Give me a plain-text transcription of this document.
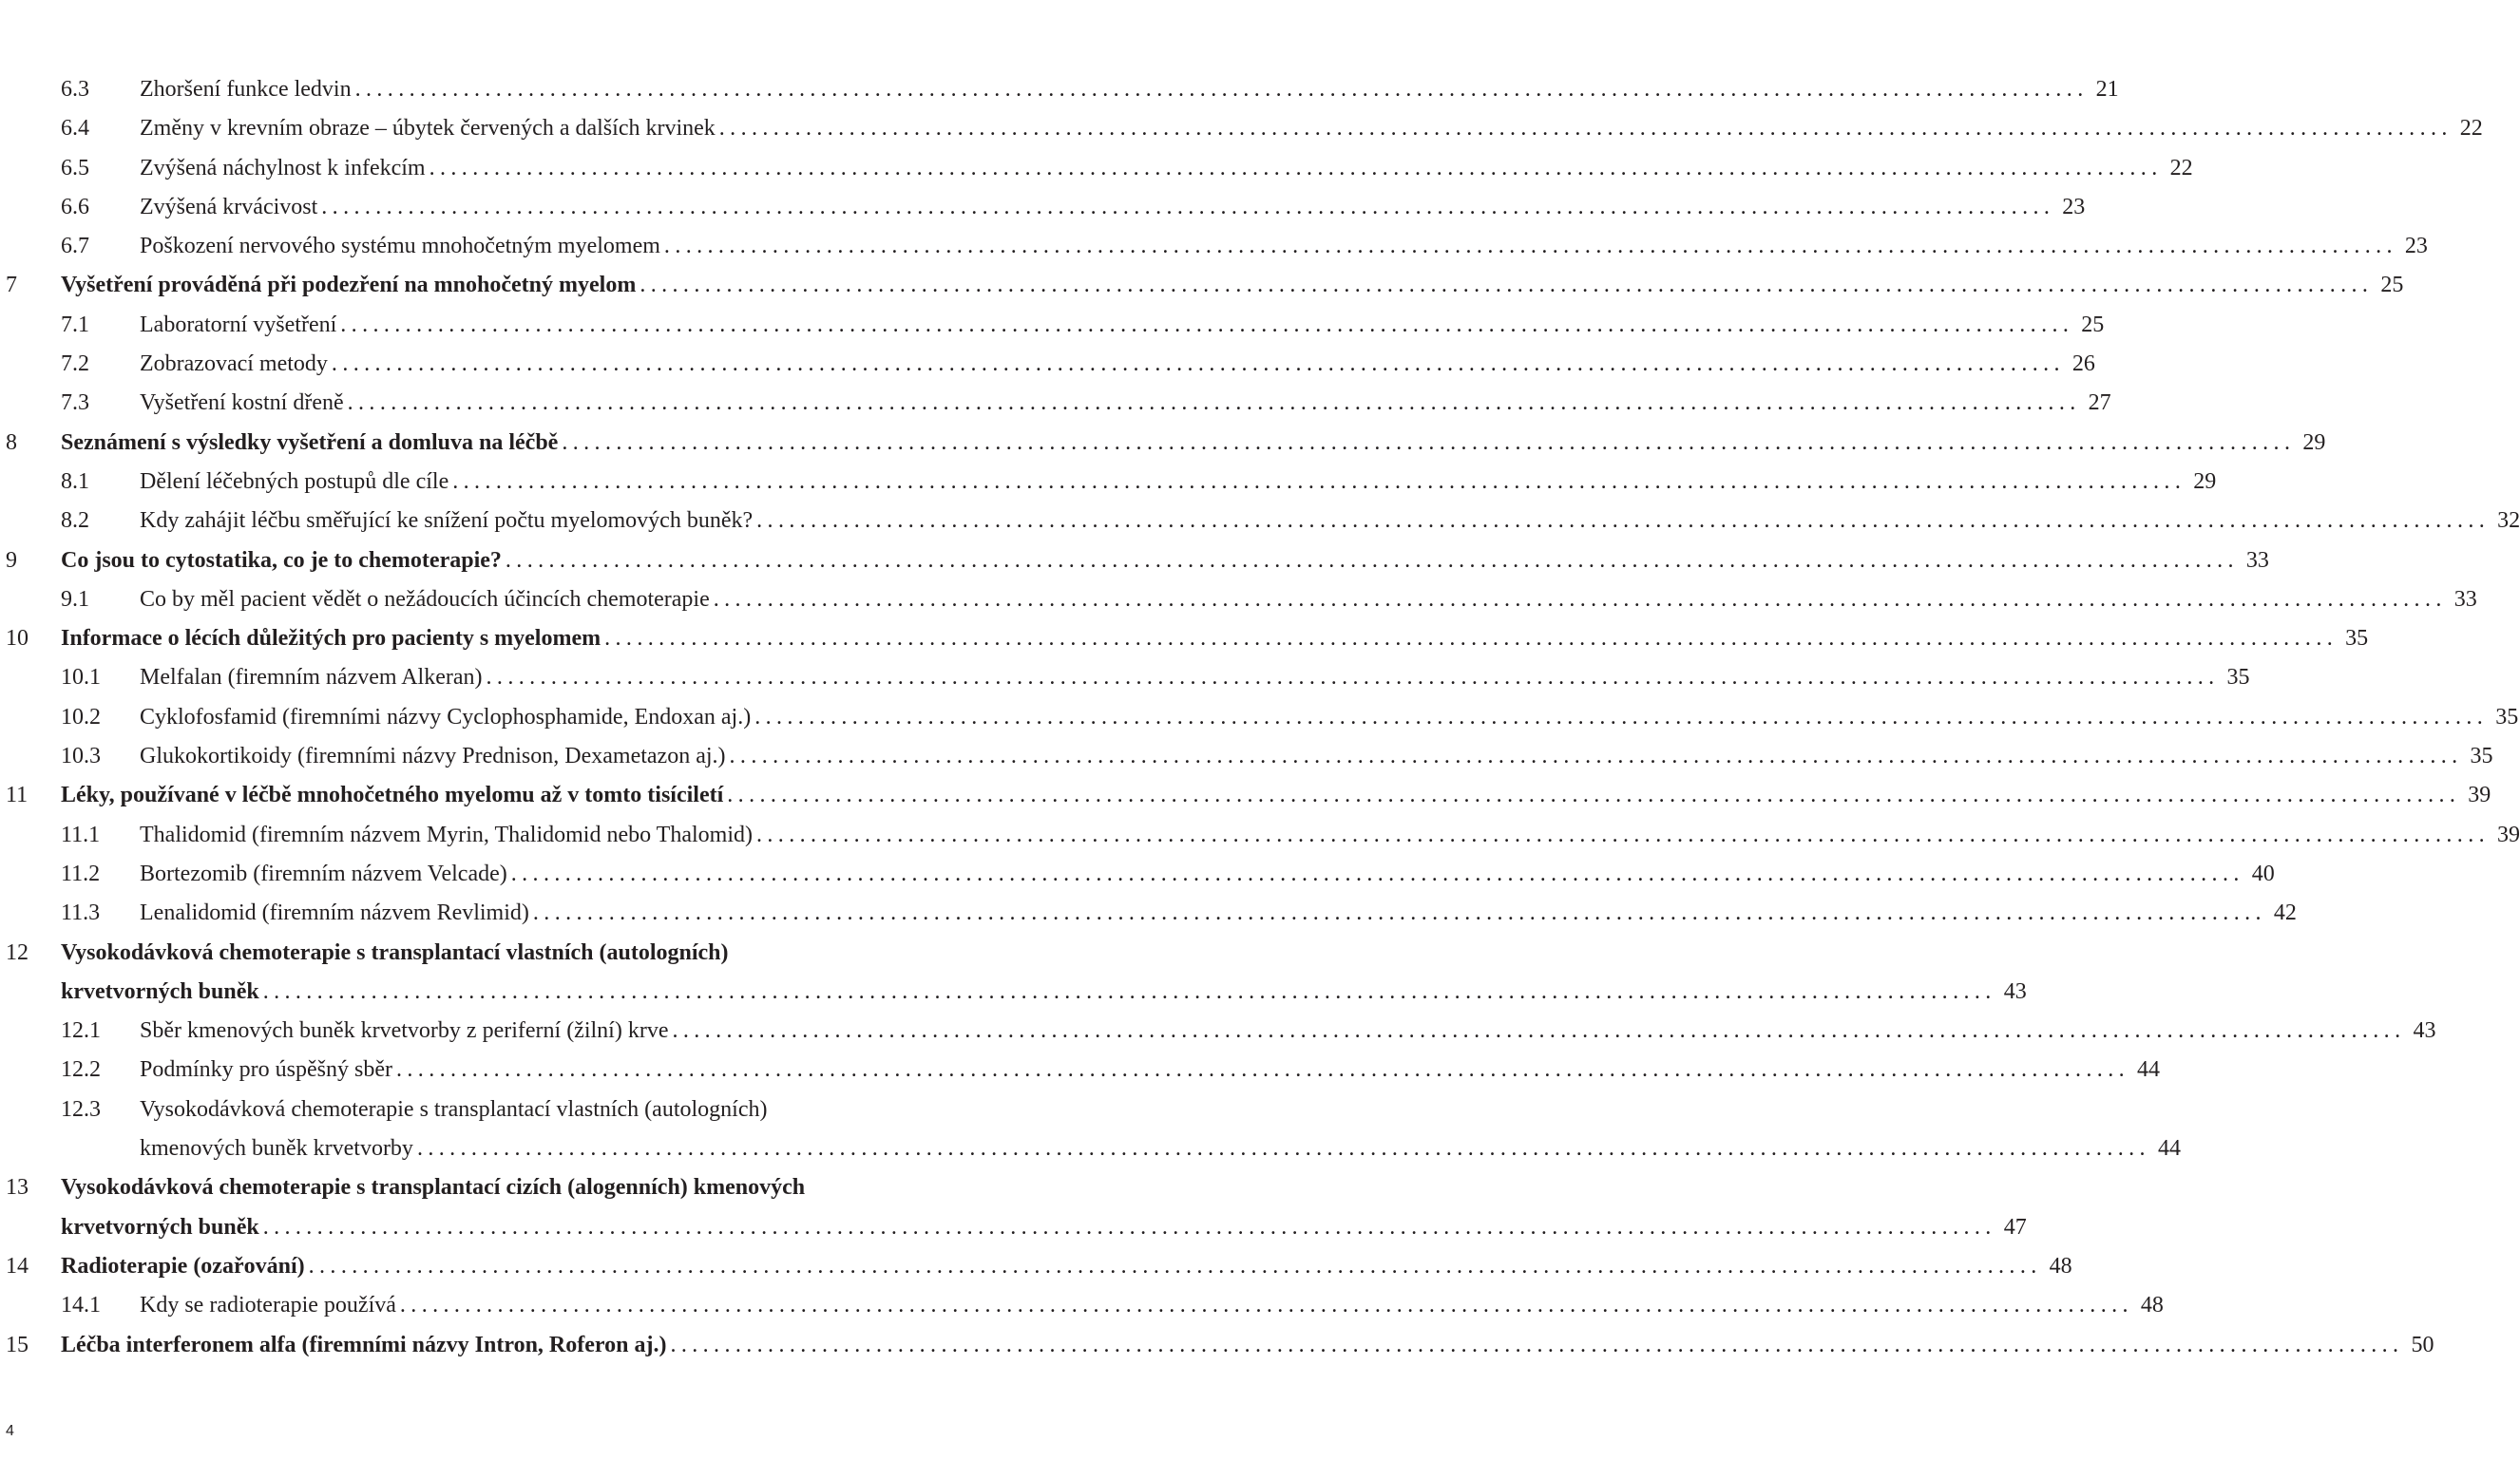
6.3 Zhoršení funkce ledvin ................................................................................................................................................................ 21
6.4 Změny v krevním obraze – úbytek červených a dalších krvinek ................................................................................................................................................................ 22
6.5 Zvýšená náchylnost k infekcím ................................................................................................................................................................ 22
6.6 Zvýšená krvácivost ................................................................................................................................................................ 23
6.7 Poškození nervového systému mnohočetným myelomem ................................................................................................................................................................ 23
7 Vyšetření prováděná při podezření na mnohočetný myelom ................................................................................................................................................................ 25
7.1 Laboratorní vyšetření ................................................................................................................................................................ 25
7.2 Zobrazovací metody ................................................................................................................................................................ 26
7.3 Vyšetření kostní dřeně ................................................................................................................................................................ 27
8 Seznámení s výsledky vyšetření a domluva na léčbě ................................................................................................................................................................ 29
8.1 Dělení léčebných postupů dle cíle ................................................................................................................................................................ 29
8.2 Kdy zahájit léčbu směřující ke snížení počtu myelomových buněk? ................................................................................................................................................................ 32
9 Co jsou to cytostatika, co je to chemoterapie? ................................................................................................................................................................ 33
9.1 Co by měl pacient vědět o nežádoucích účincích chemoterapie ................................................................................................................................................................ 33
10 Informace o lécích důležitých pro pacienty s myelomem ................................................................................................................................................................ 35
10.1 Melfalan (firemním názvem Alkeran) ................................................................................................................................................................ 35
10.2 Cyklofosfamid (firemními názvy Cyclophosphamide, Endoxan aj.) ................................................................................................................................................................ 35
10.3 Glukokortikoidy (firemními názvy Prednison, Dexametazon aj.) ................................................................................................................................................................ 35
11 Léky, používané v léčbě mnohočetného myelomu až v tomto tisíciletí ................................................................................................................................................................ 39
11.1 Thalidomid (firemním názvem Myrin, Thalidomid nebo Thalomid) ................................................................................................................................................................ 39
11.2 Bortezomib (firemním názvem Velcade) ................................................................................................................................................................ 40
11.3 Lenalidomid (firemním názvem Revlimid) ................................................................................................................................................................ 42
12 Vysokodávková chemoterapie s transplantací vlastních (autologních)
krvetvorných buněk ................................................................................................................................................................ 43
12.1 Sběr kmenových buněk krvetvorby z periferní (žilní) krve ................................................................................................................................................................ 43
12.2 Podmínky pro úspěšný sběr ................................................................................................................................................................ 44
12.3 Vysokodávková chemoterapie s transplantací vlastních (autologních)
kmenových buněk krvetvorby ................................................................................................................................................................ 44
13 Vysokodávková chemoterapie s transplantací cizích (alogenních) kmenových
krvetvorných buněk ................................................................................................................................................................ 47
14 Radioterapie (ozařování) ................................................................................................................................................................ 48
14.1 Kdy se radioterapie používá ................................................................................................................................................................ 48
15 Léčba interferonem alfa (firemními názvy Intron, Roferon aj.) ................................................................................................................................................................ 50
4
